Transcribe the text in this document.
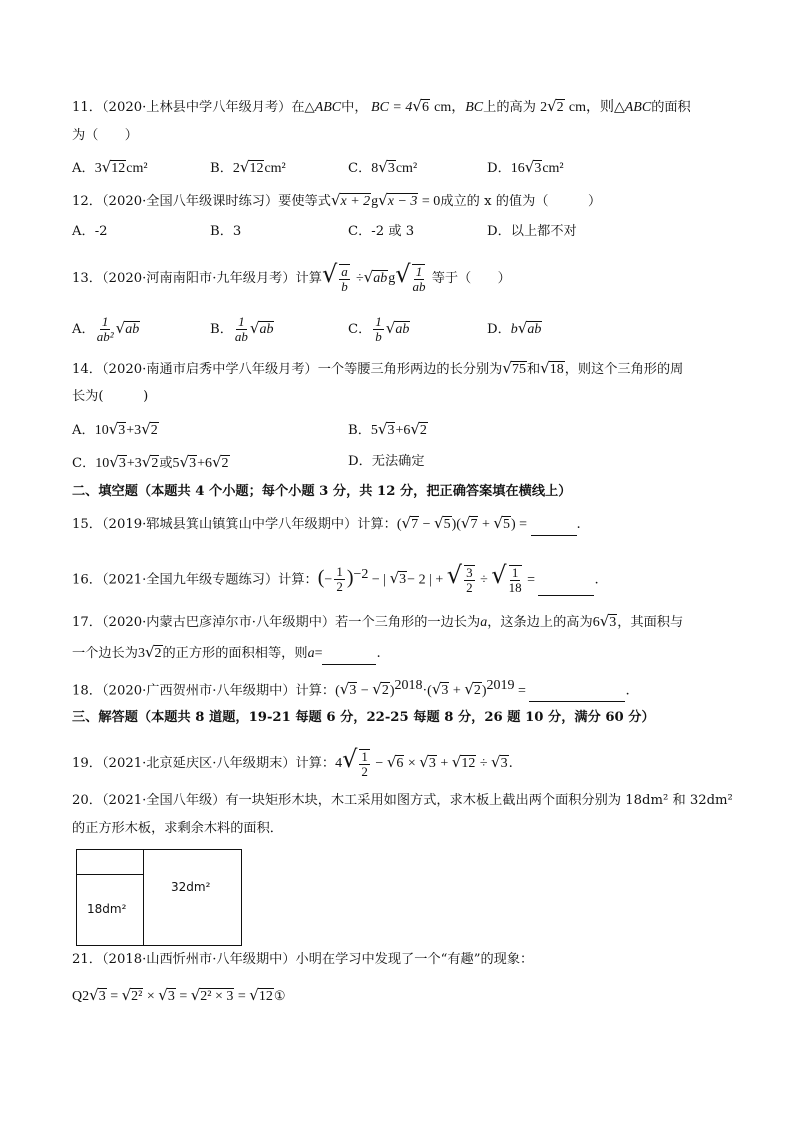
11．（2020·上林县中学八年级月考）在△ABC中， BC = 4√6 cm，BC上的高为 2√2 cm，则△ABC的面积
为（　　）
A．3√12cm²	B．2√12cm²	C．8√3cm²	D．16√3cm²
12．（2020·全国八年级课时练习）要使等式√x + 2g√x − 3 = 0成立的 x 的值为（　　　）
A．-2	B．3	C．-2 或 3	D．以上都不对
13．（2020·河南南阳市·九年级月考）计算√ $\frac{a}{b} \div√abg√ \frac{1}{ab}$ 等于（　　）
A． $\frac{1}{\text{ab²}} √ab$	B． $\frac{1}{ab} √ab$	C． $\frac{1}{b} √ab$	D．b√ab
14．（2020·南通市启秀中学八年级月考）一个等腰三角形两边的长分别为√75和√18，则这个三角形的周
长为(　　　)
A．10√3+3√2	B．5√3+6√2
C．10√3+3√2或5√3+6√2	D．无法确定
二、填空题（本题共 4 个小题；每个小题 3 分，共 12 分，把正确答案填在横线上）
15．（2019·郓城县箕山镇箕山中学八年级期中）计算：(√7 − √5)(√7 + √5) =	.
16．（2021·全国九年级专题练习）计算：(− $\frac{1}{2} )^{-2}$ − | √3− 2 | + √ $\frac{3}{2}$ ÷ √ $\frac{1}{18}$ =	.
17．（2020·内蒙古巴彦淖尔市·八年级期中）若一个三角形的一边长为a，这条边上的高为6√3，其面积与
一个边长为3√2的正方形的面积相等，则a=	.
18．（2020·广西贺州市·八年级期中）计算：$(√3 - √2)^{2018}\cdot(√3 + √2)^{2019}$ =	.
三、解答题（本题共 8 道题，19-21 每题 6 分，22-25 每题 8 分，26 题 10 分，满分 60 分）
19．（2021·北京延庆区·八年级期末）计算：$4√ \frac{1}{2} - √6 \times √3 + √12 \div √3$.
20．（2021·全国八年级）有一块矩形木块，木工采用如图方式，求木板上截出两个面积分别为 18dm² 和 32dm²
的正方形木板，求剩余木料的面积．
18dm²
32dm²
21．（2018·山西忻州市·八年级期中）小明在学习中发现了一个“有趣”的现象：
Q2√3 = √2² × √3 = √2² × 3 = √12①
